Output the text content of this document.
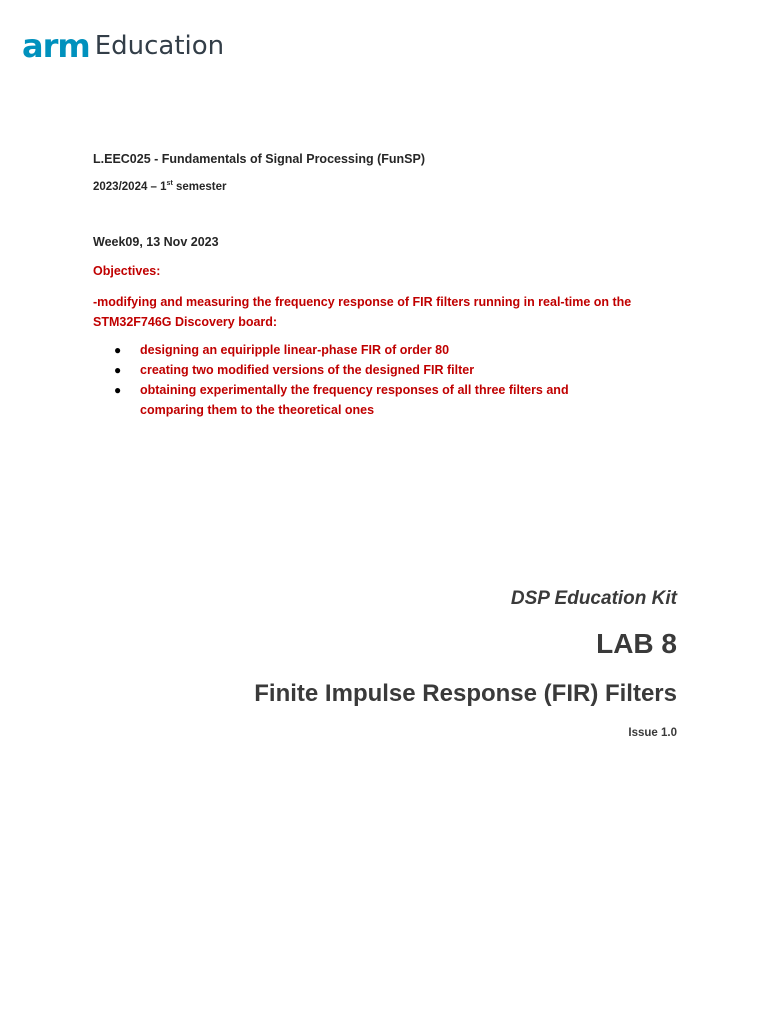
arm Education
L.EEC025 - Fundamentals of Signal Processing (FunSP)
2023/2024 – 1st semester
Week09, 13 Nov 2023
Objectives:
-modifying and measuring the frequency response of FIR filters running in real-time on the STM32F746G Discovery board:
● designing an equiripple linear-phase FIR of order 80
● creating two modified versions of the designed FIR filter
● obtaining experimentally the frequency responses of all three filters and comparing them to the theoretical ones
DSP Education Kit
LAB 8
Finite Impulse Response (FIR) Filters
Issue 1.0
